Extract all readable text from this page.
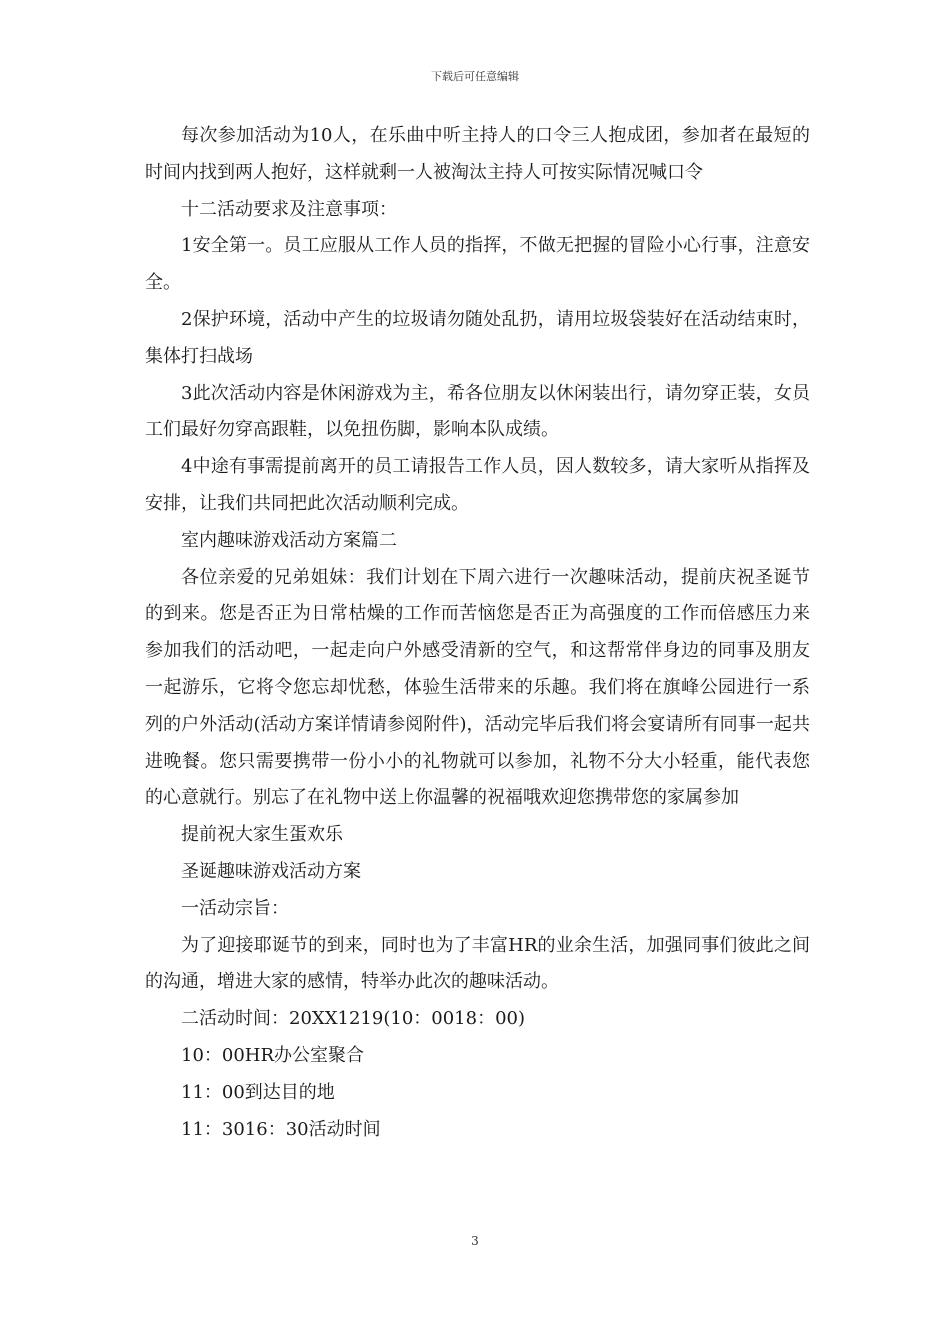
下载后可任意编辑

每次参加活动为10人，在乐曲中听主持人的口令三人抱成团，参加者在最短的时间内找到两人抱好，这样就剩一人被淘汰主持人可按实际情况喊口令

十二活动要求及注意事项：

1安全第一。员工应服从工作人员的指挥，不做无把握的冒险小心行事，注意安全。

2保护环境，活动中产生的垃圾请勿随处乱扔，请用垃圾袋装好在活动结束时，集体打扫战场

3此次活动内容是休闲游戏为主，希各位朋友以休闲装出行，请勿穿正装，女员工们最好勿穿高跟鞋，以免扭伤脚，影响本队成绩。

4中途有事需提前离开的员工请报告工作人员，因人数较多，请大家听从指挥及安排，让我们共同把此次活动顺利完成。

室内趣味游戏活动方案篇二

各位亲爱的兄弟姐妹：我们计划在下周六进行一次趣味活动，提前庆祝圣诞节的到来。您是否正为日常枯燥的工作而苦恼您是否正为高强度的工作而倍感压力来参加我们的活动吧，一起走向户外感受清新的空气，和这帮常伴身边的同事及朋友一起游乐，它将令您忘却忧愁，体验生活带来的乐趣。我们将在旗峰公园进行一系列的户外活动(活动方案详情请参阅附件)，活动完毕后我们将会宴请所有同事一起共进晚餐。您只需要携带一份小小的礼物就可以参加，礼物不分大小轻重，能代表您的心意就行。别忘了在礼物中送上你温馨的祝福哦欢迎您携带您的家属参加

提前祝大家生蛋欢乐

圣诞趣味游戏活动方案

一活动宗旨：

为了迎接耶诞节的到来，同时也为了丰富HR的业余生活，加强同事们彼此之间的沟通，增进大家的感情，特举办此次的趣味活动。

二活动时间：20XX1219(10：0018：00)

10：00HR办公室聚合

11：00到达目的地

11：3016：30活动时间

3
